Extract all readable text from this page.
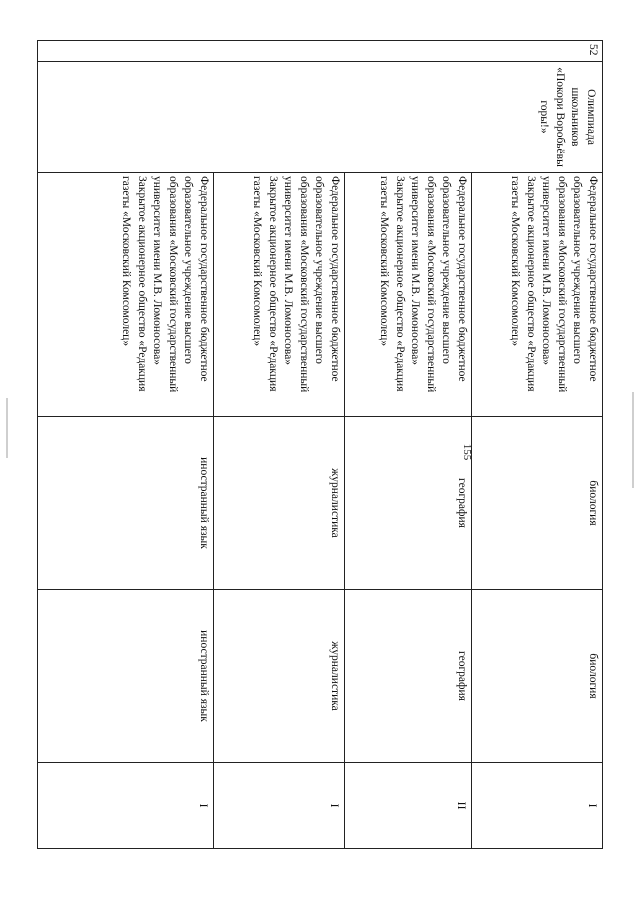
155
52	Олимпиада школьников «Покори Воробьёвы горы!»	Федеральное государственное бюджетное образовательное учреждение высшего образования «Московский государственный университет имени М.В. Ломоносова»
Закрытое акционерное общество «Редакция газеты «Московский Комсомолец»	биология	биология	I
		Федеральное государственное бюджетное образовательное учреждение высшего образования «Московский государственный университет имени М.В. Ломоносова»
Закрытое акционерное общество «Редакция газеты «Московский Комсомолец»	география	география	II
		Федеральное государственное бюджетное образовательное учреждение высшего образования «Московский государственный университет имени М.В. Ломоносова»
Закрытое акционерное общество «Редакция газеты «Московский Комсомолец»	журналистика	журналистика	I
		Федеральное государственное бюджетное образовательное учреждение высшего образования «Московский государственный университет имени М.В. Ломоносова»
Закрытое акционерное общество «Редакция газеты «Московский Комсомолец»	иностранный язык	иностранный язык	I
